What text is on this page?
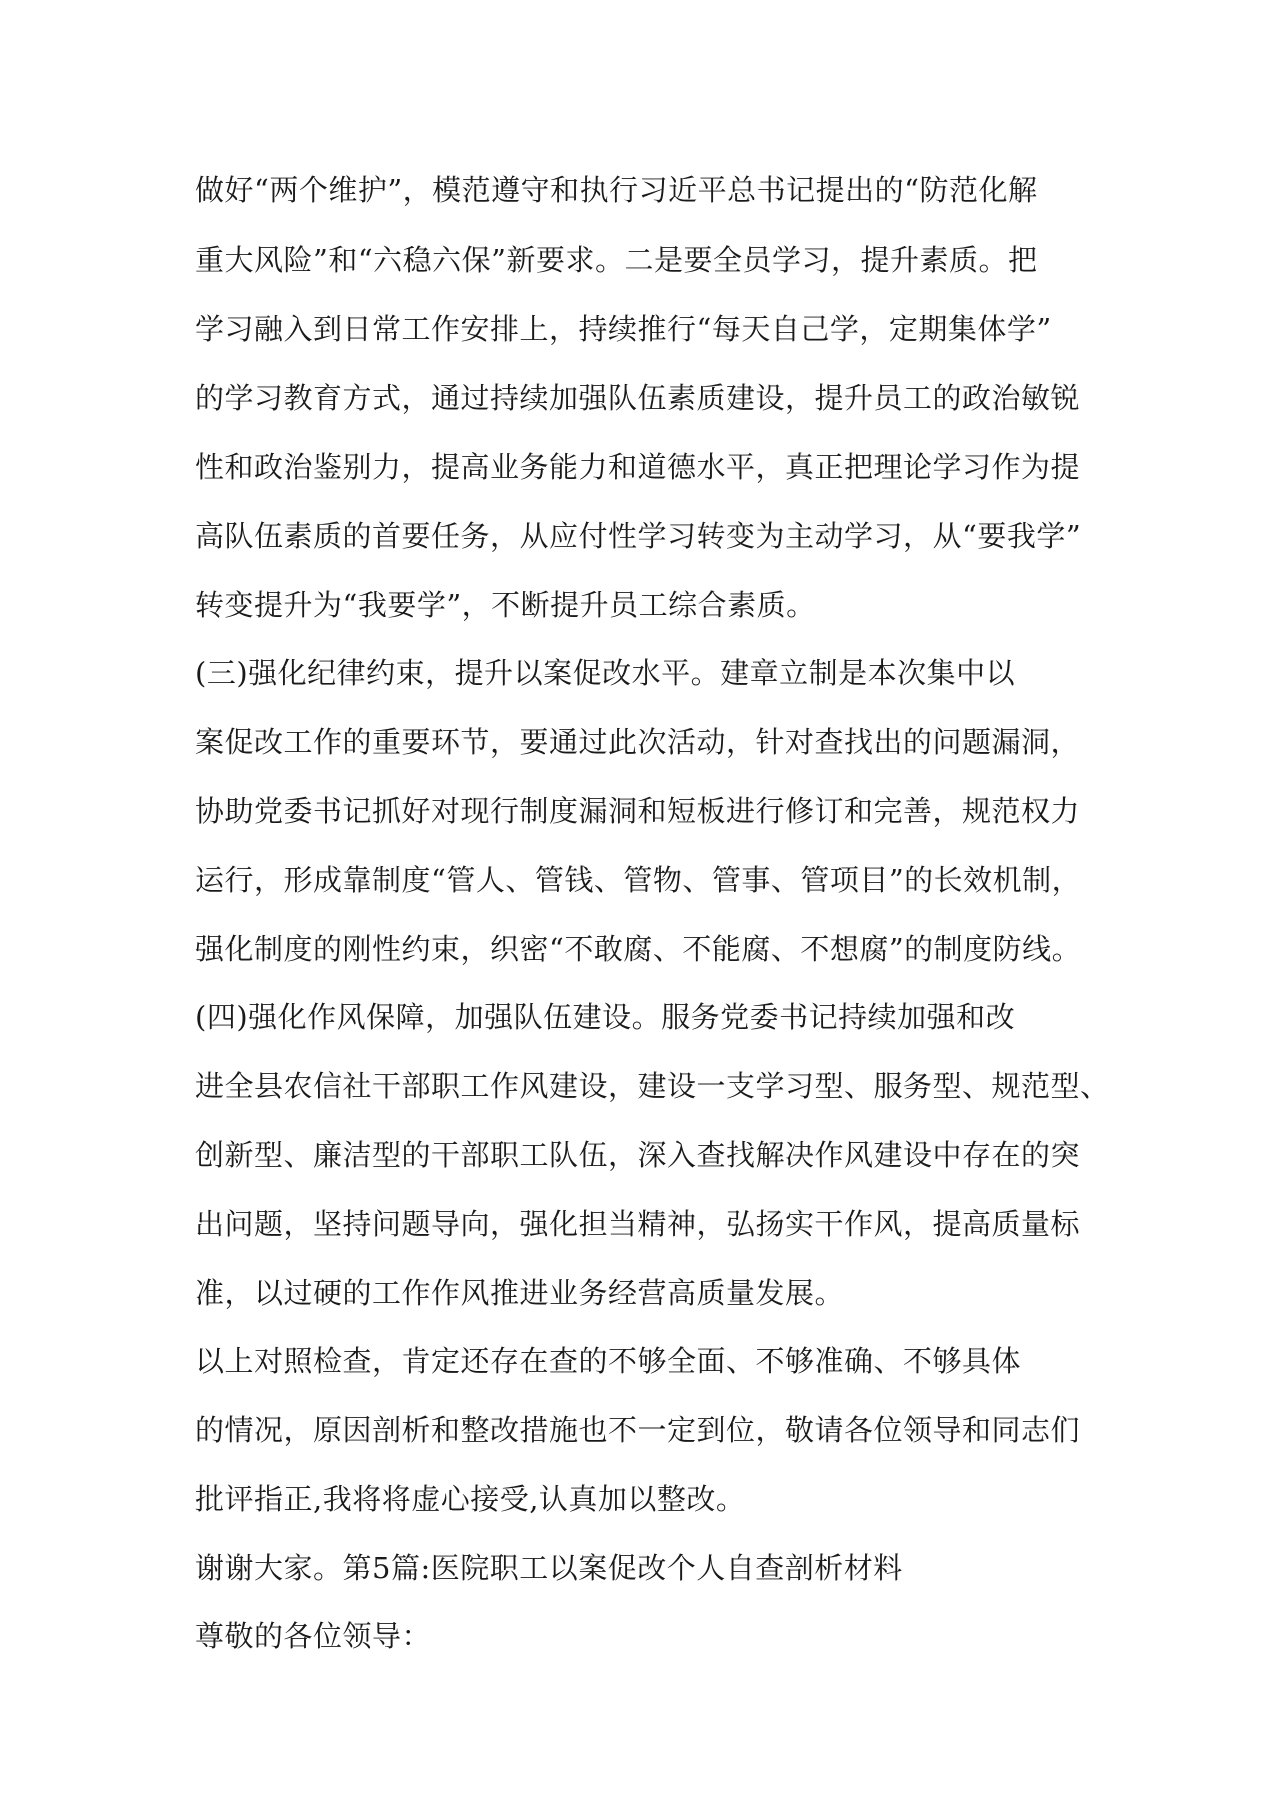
做好“两个维护”，模范遵守和执行习近平总书记提出的“防范化解

重大风险”和“六稳六保”新要求。二是要全员学习，提升素质。把

学习融入到日常工作安排上，持续推行“每天自己学，定期集体学”

的学习教育方式，通过持续加强队伍素质建设，提升员工的政治敏锐

性和政治鉴别力，提高业务能力和道德水平，真正把理论学习作为提

高队伍素质的首要任务，从应付性学习转变为主动学习，从“要我学”

转变提升为“我要学”，不断提升员工综合素质。

(三)强化纪律约束，提升以案促改水平。建章立制是本次集中以

案促改工作的重要环节，要通过此次活动，针对查找出的问题漏洞，

协助党委书记抓好对现行制度漏洞和短板进行修订和完善，规范权力

运行，形成靠制度“管人、管钱、管物、管事、管项目”的长效机制，

强化制度的刚性约束，织密“不敢腐、不能腐、不想腐”的制度防线。

(四)强化作风保障，加强队伍建设。服务党委书记持续加强和改

进全县农信社干部职工作风建设，建设一支学习型、服务型、规范型、

创新型、廉洁型的干部职工队伍，深入查找解决作风建设中存在的突

出问题，坚持问题导向，强化担当精神，弘扬实干作风，提高质量标

准，以过硬的工作作风推进业务经营高质量发展。

以上对照检查，肯定还存在查的不够全面、不够准确、不够具体

的情况，原因剖析和整改措施也不一定到位，敬请各位领导和同志们

批评指正,我将将虚心接受,认真加以整改。

谢谢大家。第5篇:医院职工以案促改个人自查剖析材料

尊敬的各位领导：
